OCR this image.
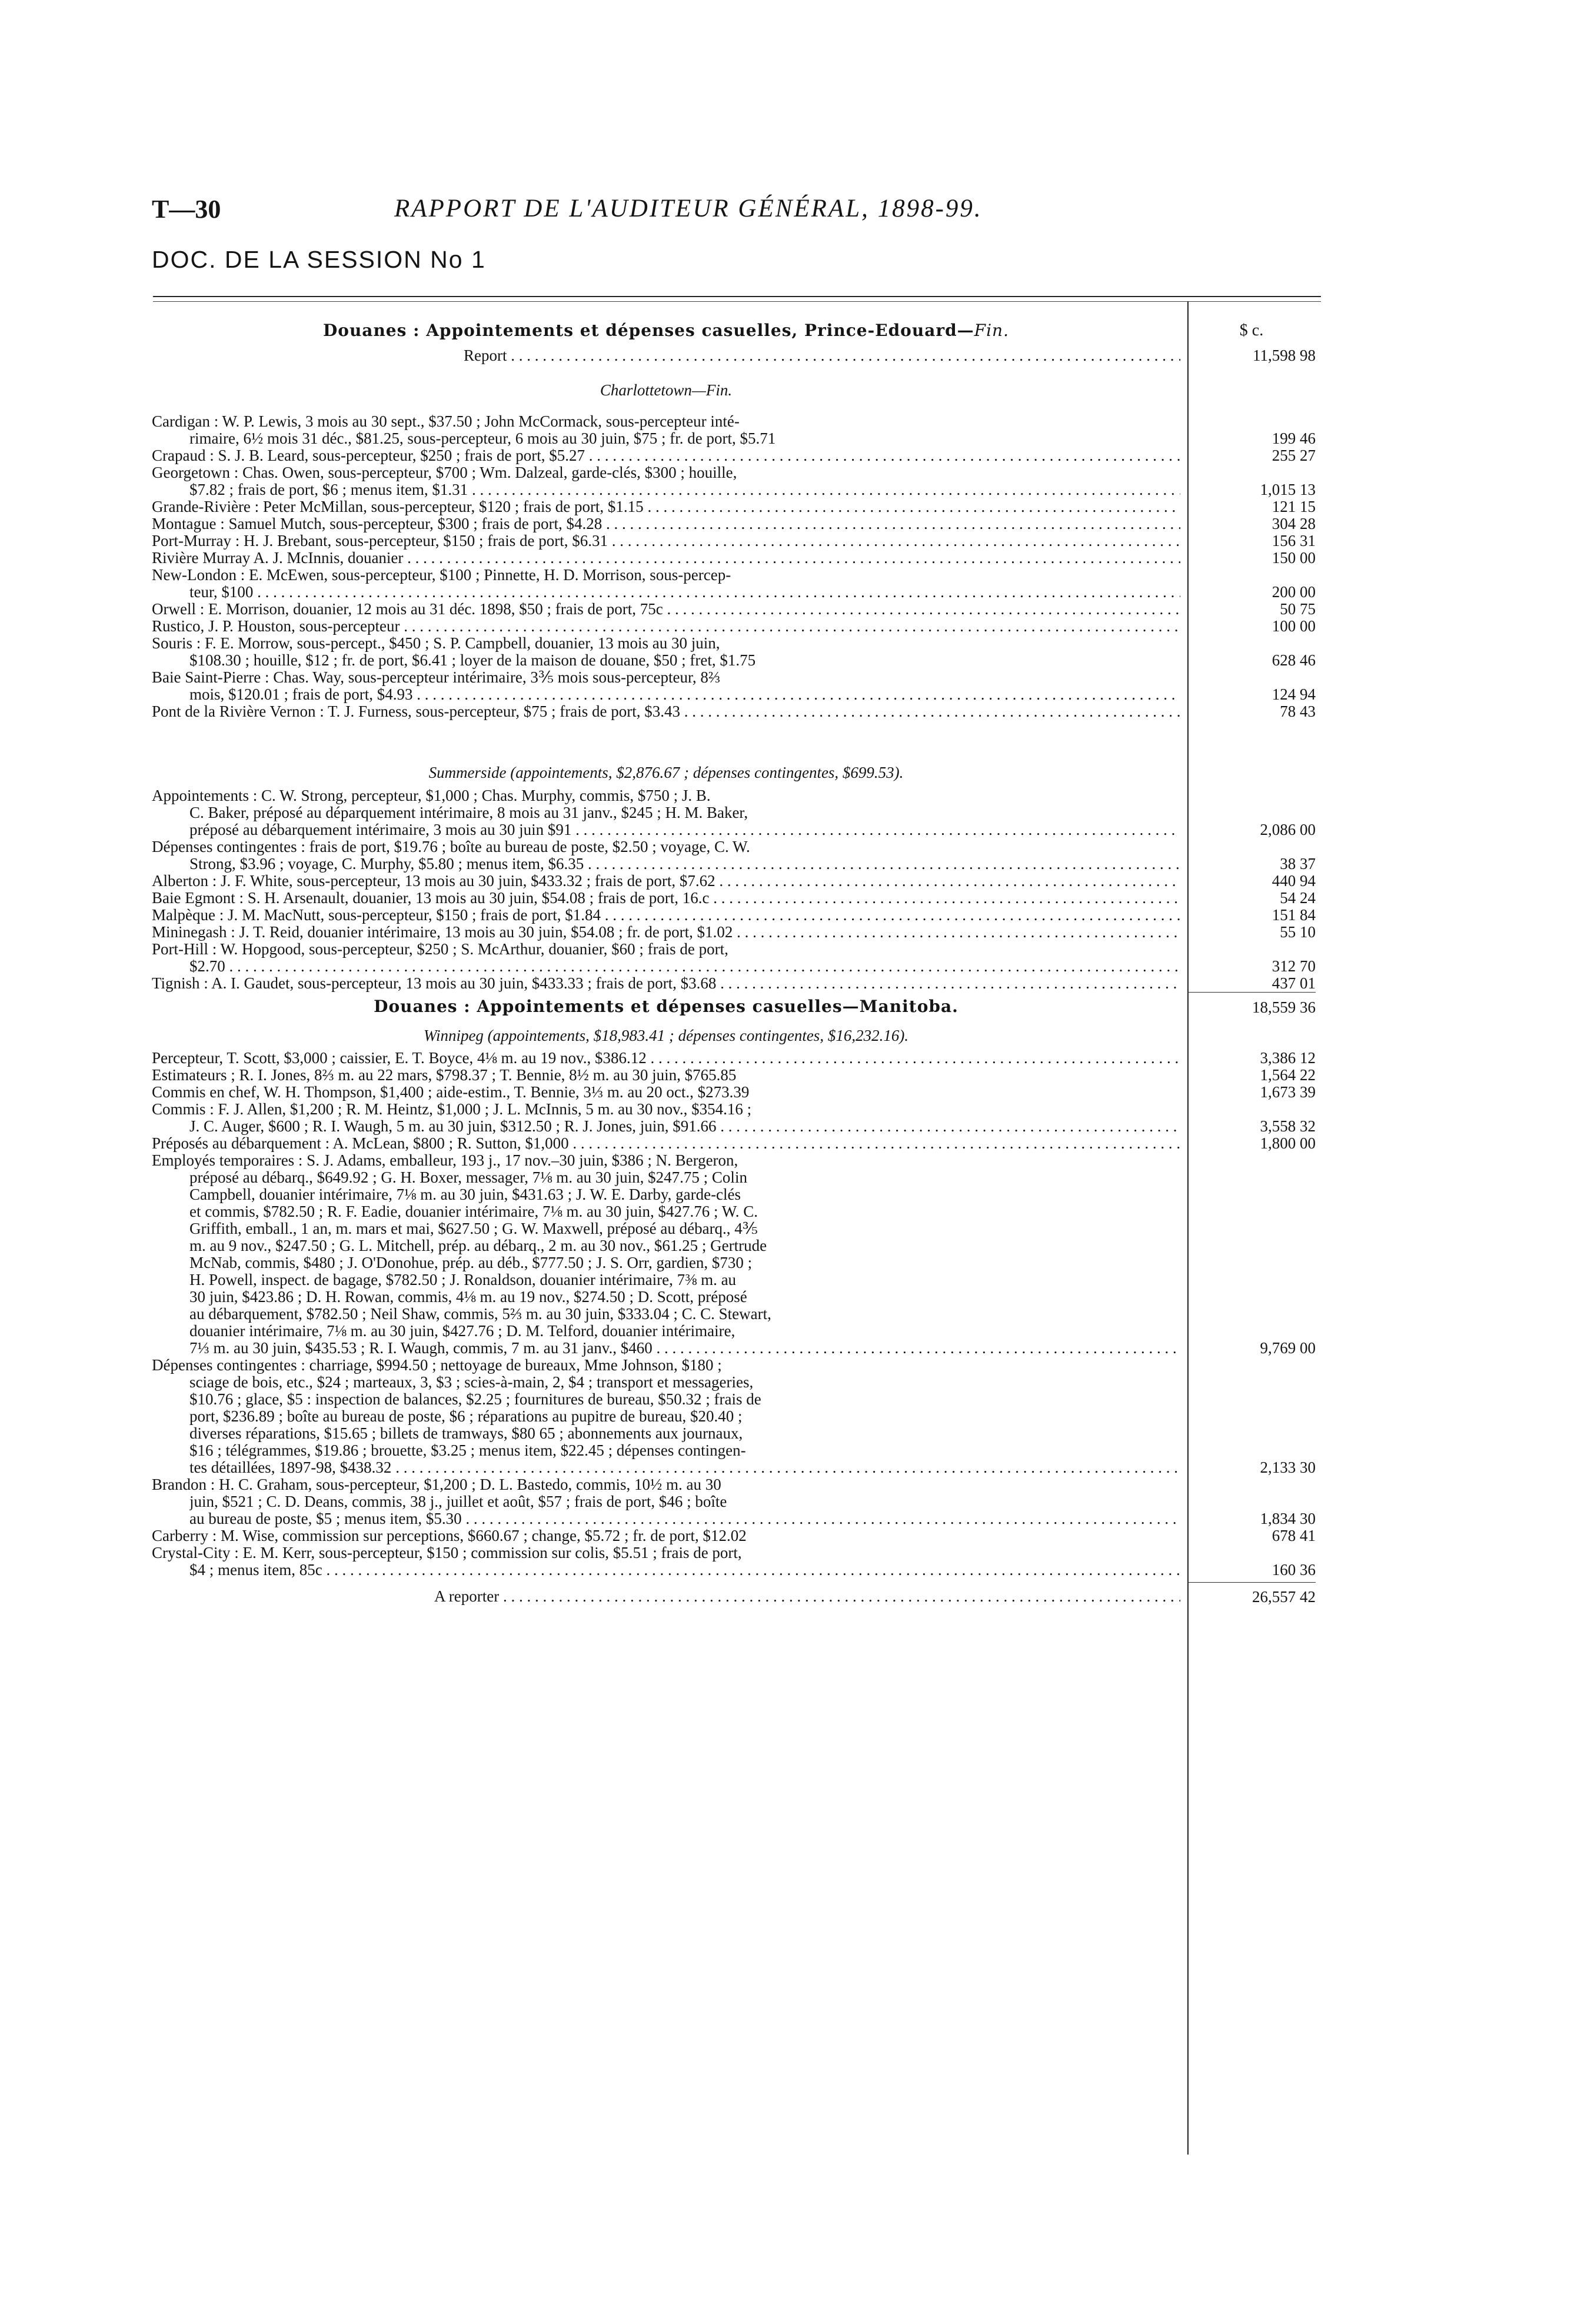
T—30	RAPPORT DE L'AUDITEUR GÉNÉRAL, 1898-99.
DOC. DE LA SESSION No 1
Douanes : Appointements et dépenses casuelles, Prince-Edouard—Fin.	$ c.
Report . . .	11,598 98
Charlottetown—Fin.
Cardigan : W. P. Lewis, 3 mois au 30 sept., $37.50 ; John McCormack, sous-percepteur inté-
rimaire, 6½ mois 31 déc., $81.25, sous-percepteur, 6 mois au 30 juin, $75 ; fr. de port, $5.71	199 46
Crapaud : S. J. B. Leard, sous-percepteur, $250 ; frais de port, $5.27 . . .	255 27
Georgetown : Chas. Owen, sous-percepteur, $700 ; Wm. Dalzeal, garde-clés, $300 ; houille,
$7.82 ; frais de port, $6 ; menus item, $1.31 . . .	1,015 13
Grande-Rivière : Peter McMillan, sous-percepteur, $120 ; frais de port, $1.15 . . .	121 15
Montague : Samuel Mutch, sous-percepteur, $300 ; frais de port, $4.28 . . .	304 28
Port-Murray : H. J. Brebant, sous-percepteur, $150 ; frais de port, $6.31 . . .	156 31
Rivière Murray A. J. McInnis, douanier . . .	150 00
New-London : E. McEwen, sous-percepteur, $100 ; Pinnette, H. D. Morrison, sous-percep-
teur, $100 . . .	200 00
Orwell : E. Morrison, douanier, 12 mois au 31 déc. 1898, $50 ; frais de port, 75c . . .	50 75
Rustico, J. P. Houston, sous-percepteur . . .	100 00
Souris : F. E. Morrow, sous-percept., $450 ; S. P. Campbell, douanier, 13 mois au 30 juin,
$108.30 ; houille, $12 ; fr. de port, $6.41 ; loyer de la maison de douane, $50 ; fret, $1.75	628 46
Baie Saint-Pierre : Chas. Way, sous-percepteur intérimaire, 3⅗ mois sous-percepteur, 8⅔
mois, $120.01 ; frais de port, $4.93 . . .	124 94
Pont de la Rivière Vernon : T. J. Furness, sous-percepteur, $75 ; frais de port, $3.43 . . .	78 43
Summerside (appointements, $2,876.67 ; dépenses contingentes, $699.53).
Appointements : C. W. Strong, percepteur, $1,000 ; Chas. Murphy, commis, $750 ; J. B.
C. Baker, préposé au déparquement intérimaire, 8 mois au 31 janv., $245 ; H. M. Baker,
préposé au débarquement intérimaire, 3 mois au 30 juin $91 . . .	2,086 00
Dépenses contingentes : frais de port, $19.76 ; boîte au bureau de poste, $2.50 ; voyage, C. W.
Strong, $3.96 ; voyage, C. Murphy, $5.80 ; menus item, $6.35 . . .	38 37
Alberton : J. F. White, sous-percepteur, 13 mois au 30 juin, $433.32 ; frais de port, $7.62 . . .	440 94
Baie Egmont : S. H. Arsenault, douanier, 13 mois au 30 juin, $54.08 ; frais de port, 16.c . . .	54 24
Malpèque : J. M. MacNutt, sous-percepteur, $150 ; frais de port, $1.84 . . .	151 84
Mininegash : J. T. Reid, douanier intérimaire, 13 mois au 30 juin, $54.08 ; fr. de port, $1.02 . . .	55 10
Port-Hill : W. Hopgood, sous-percepteur, $250 ; S. McArthur, douanier, $60 ; frais de port,
$2.70 . . .	312 70
Tignish : A. I. Gaudet, sous-percepteur, 13 mois au 30 juin, $433.33 ; frais de port, $3.68 . . .	437 01
Douanes : Appointements et dépenses casuelles—Manitoba.	18,559 36
Winnipeg (appointements, $18,983.41 ; dépenses contingentes, $16,232.16).
Percepteur, T. Scott, $3,000 ; caissier, E. T. Boyce, 4⅛ m. au 19 nov., $386.12 . . .	3,386 12
Estimateurs ; R. I. Jones, 8⅔ m. au 22 mars, $798.37 ; T. Bennie, 8½ m. au 30 juin, $765.85	1,564 22
Commis en chef, W. H. Thompson, $1,400 ; aide-estim., T. Bennie, 3⅓ m. au 20 oct., $273.39	1,673 39
Commis : F. J. Allen, $1,200 ; R. M. Heintz, $1,000 ; J. L. McInnis, 5 m. au 30 nov., $354.16 ;
J. C. Auger, $600 ; R. I. Waugh, 5 m. au 30 juin, $312.50 ; R. J. Jones, juin, $91.66 . . .	3,558 32
Préposés au débarquement : A. McLean, $800 ; R. Sutton, $1,000 . . .	1,800 00
Employés temporaires : S. J. Adams, emballeur, 193 j., 17 nov.–30 juin, $386 ; N. Bergeron,
préposé au débarq., $649.92 ; G. H. Boxer, messager, 7⅛ m. au 30 juin, $247.75 ; Colin
Campbell, douanier intérimaire, 7⅛ m. au 30 juin, $431.63 ; J. W. E. Darby, garde-clés
et commis, $782.50 ; R. F. Eadie, douanier intérimaire, 7⅛ m. au 30 juin, $427.76 ; W. C.
Griffith, emball., 1 an, m. mars et mai, $627.50 ; G. W. Maxwell, préposé au débarq., 4⅗
m. au 9 nov., $247.50 ; G. L. Mitchell, prép. au débarq., 2 m. au 30 nov., $61.25 ; Gertrude
McNab, commis, $480 ; J. O'Donohue, prép. au déb., $777.50 ; J. S. Orr, gardien, $730 ;
H. Powell, inspect. de bagage, $782.50 ; J. Ronaldson, douanier intérimaire, 7⅜ m. au
30 juin, $423.86 ; D. H. Rowan, commis, 4⅛ m. au 19 nov., $274.50 ; D. Scott, préposé
au débarquement, $782.50 ; Neil Shaw, commis, 5⅔ m. au 30 juin, $333.04 ; C. C. Stewart,
douanier intérimaire, 7⅛ m. au 30 juin, $427.76 ; D. M. Telford, douanier intérimaire,
7⅓ m. au 30 juin, $435.53 ; R. I. Waugh, commis, 7 m. au 31 janv., $460 . . .	9,769 00
Dépenses contingentes : charriage, $994.50 ; nettoyage de bureaux, Mme Johnson, $180 ;
sciage de bois, etc., $24 ; marteaux, 3, $3 ; scies-à-main, 2, $4 ; transport et messageries,
$10.76 ; glace, $5 : inspection de balances, $2.25 ; fournitures de bureau, $50.32 ; frais de
port, $236.89 ; boîte au bureau de poste, $6 ; réparations au pupitre de bureau, $20.40 ;
diverses réparations, $15.65 ; billets de tramways, $80 65 ; abonnements aux journaux,
$16 ; télégrammes, $19.86 ; brouette, $3.25 ; menus item, $22.45 ; dépenses contingen-
tes détaillées, 1897-98, $438.32 . . .	2,133 30
Brandon : H. C. Graham, sous-percepteur, $1,200 ; D. L. Bastedo, commis, 10½ m. au 30
juin, $521 ; C. D. Deans, commis, 38 j., juillet et août, $57 ; frais de port, $46 ; boîte
au bureau de poste, $5 ; menus item, $5.30 . . .	1,834 30
Carberry : M. Wise, commission sur perceptions, $660.67 ; change, $5.72 ; fr. de port, $12.02	678 41
Crystal-City : E. M. Kerr, sous-percepteur, $150 ; commission sur colis, $5.51 ; frais de port,
$4 ; menus item, 85c . . .	160 36
A reporter . . .	26,557 42
